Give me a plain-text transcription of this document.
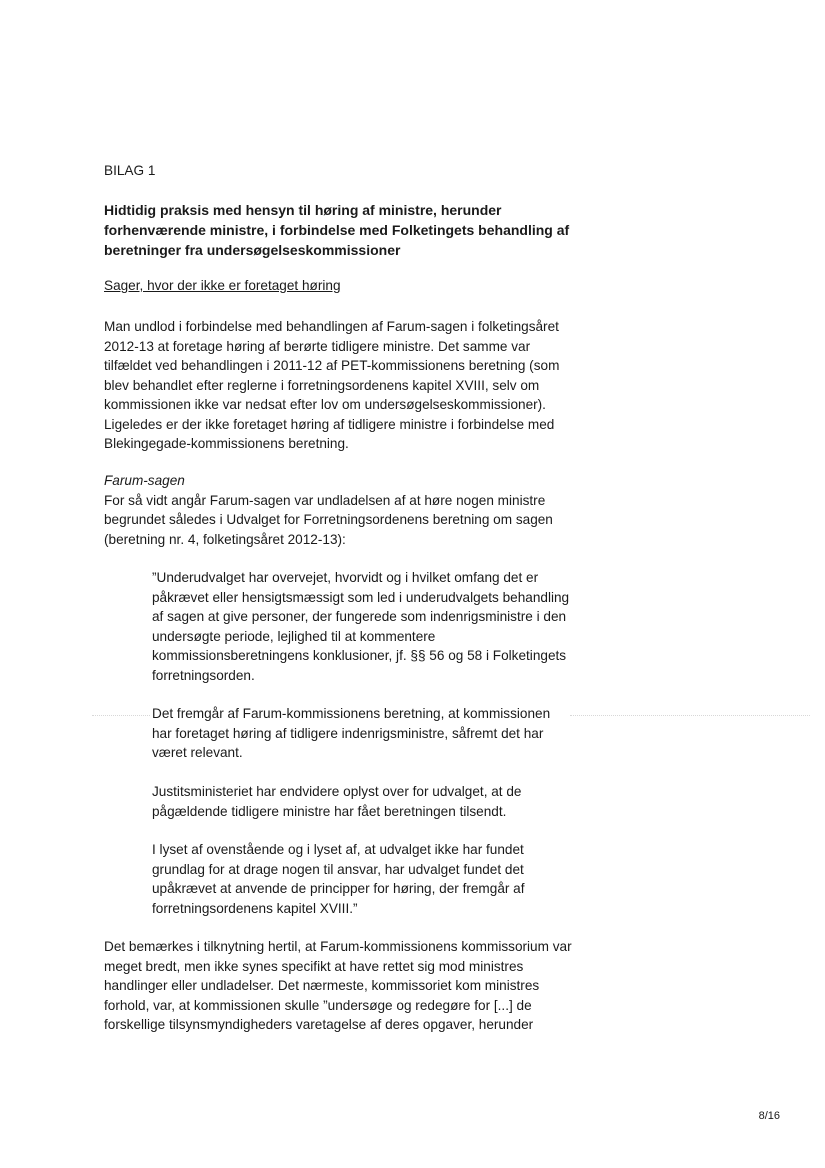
BILAG 1
Hidtidig praksis med hensyn til høring af ministre, herunder
forhenværende ministre, i forbindelse med Folketingets behandling af
beretninger fra undersøgelseskommissioner
Sager, hvor der ikke er foretaget høring

Man undlod i forbindelse med behandlingen af Farum-sagen i folketingsåret
2012-13 at foretage høring af berørte tidligere ministre. Det samme var
tilfældet ved behandlingen i 2011-12 af PET-kommissionens beretning (som
blev behandlet efter reglerne i forretningsordenens kapitel XVIII, selv om
kommissionen ikke var nedsat efter lov om undersøgelseskommissioner).
Ligeledes er der ikke foretaget høring af tidligere ministre i forbindelse med
Blekingegade-kommissionens beretning.

Farum-sagen
For så vidt angår Farum-sagen var undladelsen af at høre nogen ministre
begrundet således i Udvalget for Forretningsordenens beretning om sagen
(beretning nr. 4, folketingsåret 2012-13):

”Underudvalget har overvejet, hvorvidt og i hvilket omfang det er
påkrævet eller hensigtsmæssigt som led i underudvalgets behandling
af sagen at give personer, der fungerede som indenrigsministre i den
undersøgte periode, lejlighed til at kommentere
kommissionsberetningens konklusioner, jf. §§ 56 og 58 i Folketingets
forretningsorden.

Det fremgår af Farum-kommissionens beretning, at kommissionen
har foretaget høring af tidligere indenrigsministre, såfremt det har
været relevant.

Justitsministeriet har endvidere oplyst over for udvalget, at de
pågældende tidligere ministre har fået beretningen tilsendt.

I lyset af ovenstående og i lyset af, at udvalget ikke har fundet
grundlag for at drage nogen til ansvar, har udvalget fundet det
upåkrævet at anvende de principper for høring, der fremgår af
forretningsordenens kapitel XVIII.”

Det bemærkes i tilknytning hertil, at Farum-kommissionens kommissorium var
meget bredt, men ikke synes specifikt at have rettet sig mod ministres
handlinger eller undladelser. Det nærmeste, kommissoriet kom ministres
forhold, var, at kommissionen skulle ”undersøge og redegøre for [...] de
forskellige tilsynsmyndigheders varetagelse af deres opgaver, herunder

8/16
